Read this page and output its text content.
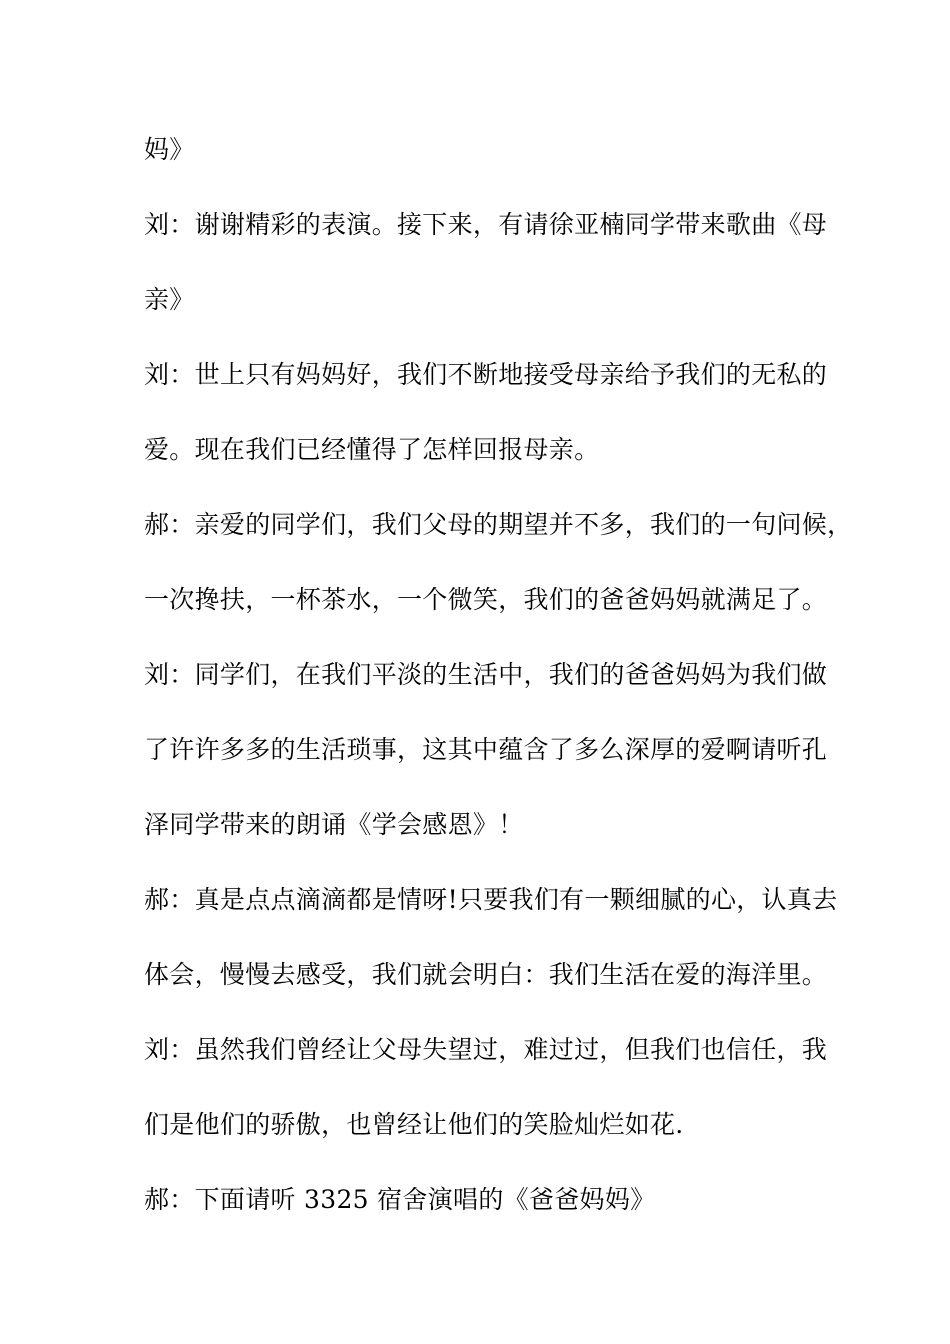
妈》
刘：谢谢精彩的表演。接下来，有请徐亚楠同学带来歌曲《母
亲》
刘：世上只有妈妈好，我们不断地接受母亲给予我们的无私的
爱。现在我们已经懂得了怎样回报母亲。
郝：亲爱的同学们，我们父母的期望并不多，我们的一句问候，
一次搀扶，一杯茶水，一个微笑，我们的爸爸妈妈就满足了。
刘：同学们，在我们平淡的生活中，我们的爸爸妈妈为我们做
了许许多多的生活琐事，这其中蕴含了多么深厚的爱啊请听孔
泽同学带来的朗诵《学会感恩》！
郝：真是点点滴滴都是情呀!只要我们有一颗细腻的心，认真去
体会，慢慢去感受，我们就会明白：我们生活在爱的海洋里。
刘：虽然我们曾经让父母失望过，难过过，但我们也信任，我
们是他们的骄傲，也曾经让他们的笑脸灿烂如花.
郝：下面请听 3325 宿舍演唱的《爸爸妈妈》
